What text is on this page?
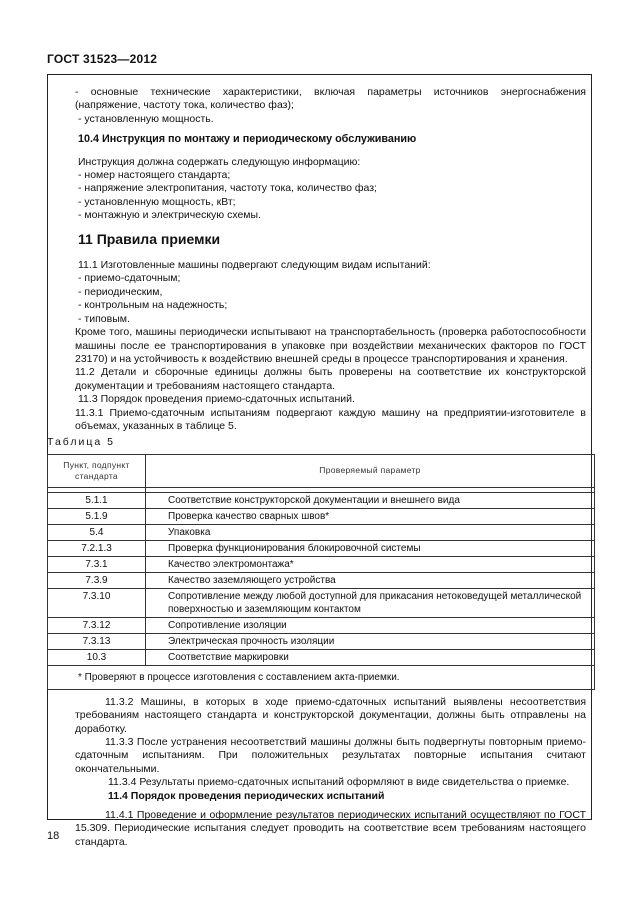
ГОСТ 31523—2012

- основные технические характеристики, включая параметры источников энергоснабжения (напряжение, частоту тока, количество фаз);

- установленную мощность.

10.4 Инструкция по монтажу и периодическому обслуживанию

Инструкция должна содержать следующую информацию:

- номер настоящего стандарта;

- напряжение электропитания, частоту тока, количество фаз;

- установленную мощность, кВт;

- монтажную и электрическую схемы.

11 Правила приемки

11.1 Изготовленные машины подвергают следующим видам испытаний:

- приемо-сдаточным;

- периодическим,

- контрольным на надежность;

- типовым.

Кроме того, машины периодически испытывают на транспортабельность (проверка работоспособности машины после ее транспортирования в упаковке при воздействии механических факторов по ГОСТ 23170) и на устойчивость к воздействию внешней среды в процессе транспортирования и хранения.

11.2 Детали и сборочные единицы должны быть проверены на соответствие их конструкторской документации и требованиям настоящего стандарта.

11.3 Порядок проведения приемо-сдаточных испытаний.

11.3.1 Приемо-сдаточным испытаниям подвергают каждую машину на предприятии-изготовителе в объемах, указанных в таблице 5.

Таблица 5
Пункт, подпункт стандарта	Проверяемый параметр

5.1.1	Соответствие конструкторской документации и внешнего вида
5.1.9	Проверка качество сварных швов*
5.4	Упаковка
7.2.1.3	Проверка функционирования блокировочной системы
7.3.1	Качество электромонтажа*
7.3.9	Качество заземляющего устройства
7.3.10	Сопротивление между любой доступной для прикасания нетоковедущей металлической поверхностью и заземляющим контактом
7.3.12	Сопротивление изоляции
7.3.13	Электрическая прочность изоляции
10.3	Соответствие маркировки
* Проверяют в процессе изготовления с составлением акта-приемки.	

11.3.2 Машины, в которых в ходе приемо-сдаточных испытаний выявлены несоответствия требованиям настоящего стандарта и конструкторской документации, должны быть отправлены на доработку.

11.3.3 После устранения несоответствий машины должны быть подвергнуты повторным приемо-сдаточным испытаниям. При положительных результатах повторные испытания считают окончательными.

11.3.4 Результаты приемо-сдаточных испытаний оформляют в виде свидетельства о приемке.

11.4 Порядок проведения периодических испытаний

11.4.1 Проведение и оформление результатов периодических испытаний осуществляют по ГОСТ 15.309. Периодические испытания следует проводить на соответствие всем требованиям настоящего стандарта.

18
